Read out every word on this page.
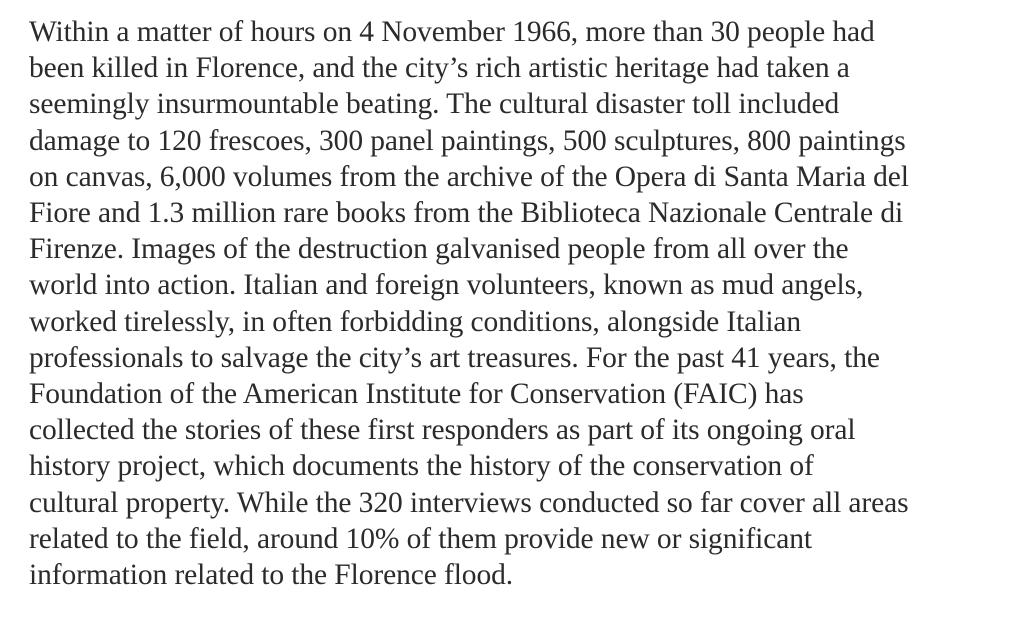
Within a matter of hours on 4 November 1966, more than 30 people had
been killed in Florence, and the city’s rich artistic heritage had taken a
seemingly insurmountable beating. The cultural disaster toll included
damage to 120 frescoes, 300 panel paintings, 500 sculptures, 800 paintings
on canvas, 6,000 volumes from the archive of the Opera di Santa Maria del
Fiore and 1.3 million rare books from the Biblioteca Nazionale Centrale di
Firenze. Images of the destruction galvanised people from all over the
world into action. Italian and foreign volunteers, known as mud angels,
worked tirelessly, in often forbidding conditions, alongside Italian
professionals to salvage the city’s art treasures. For the past 41 years, the
Foundation of the American Institute for Conservation (FAIC) has
collected the stories of these first responders as part of its ongoing oral
history project, which documents the history of the conservation of
cultural property. While the 320 interviews conducted so far cover all areas
related to the field, around 10% of them provide new or significant
information related to the Florence flood.
